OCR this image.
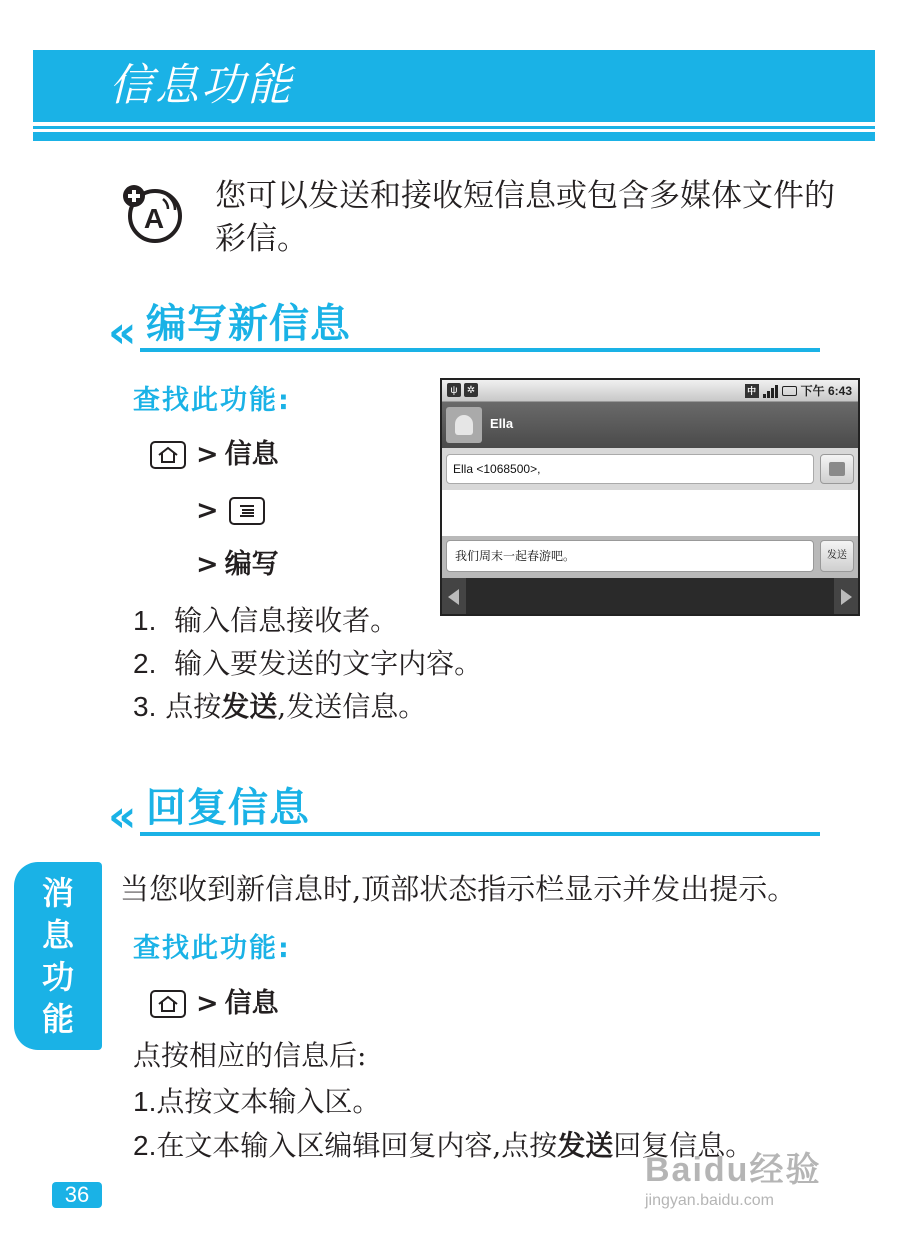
信息功能
A
您可以发送和接收短信息或包含多媒体文件的彩信。
« 编写新信息
查找此功能:
> 信息
>
> 编写
1. 输入信息接收者。
2. 输入要发送的文字内容。
3. 点按发送,发送信息。
ψ ✲	中	下午 6:43
Ella
Ella <1068500>,
我们周末一起春游吧。	发送
« 回复信息
当您收到新信息时,顶部状态指示栏显示并发出提示。
查找此功能:
> 信息
点按相应的信息后:
1.点按文本输入区。
2.在文本输入区编辑回复内容,点按发送回复信息。
消
息
功
能
36
Baidu经验
jingyan.baidu.com
